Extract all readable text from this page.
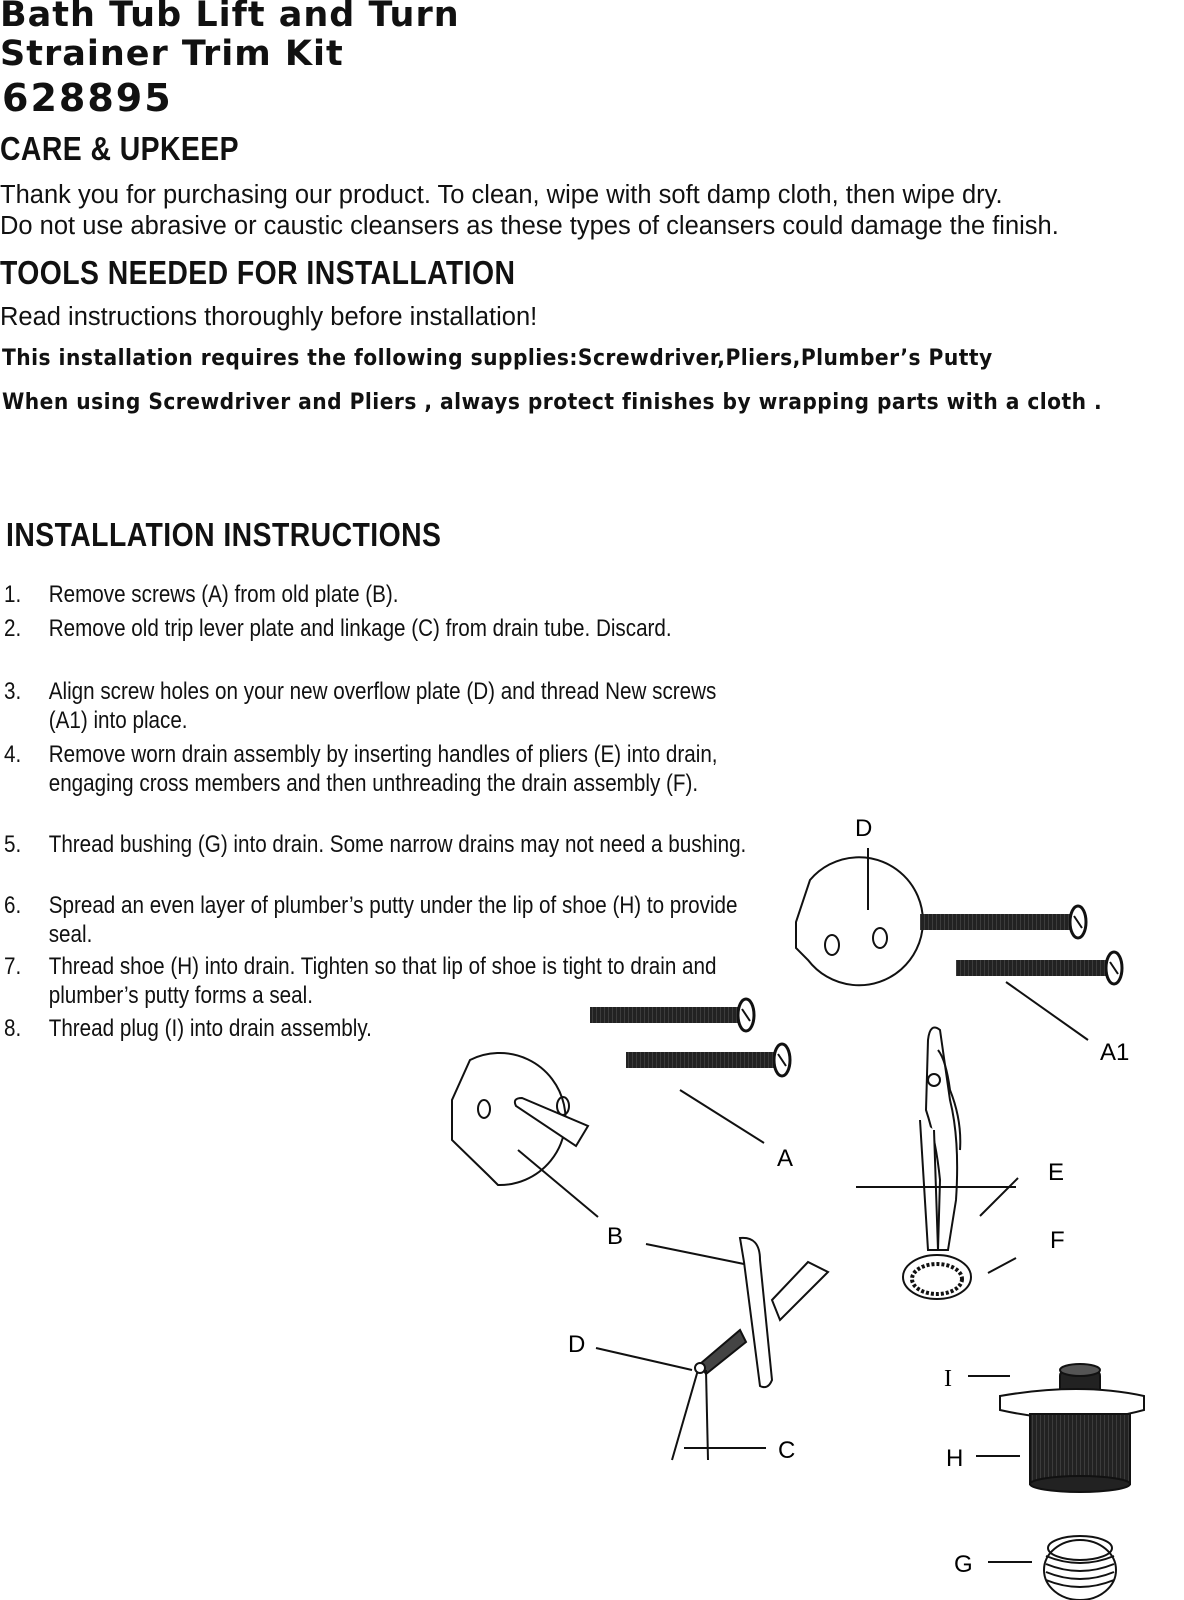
Bath Tub Lift and Turn
Strainer Trim Kit
628895
CARE & UPKEEP
Thank you for purchasing our product. To clean, wipe with soft damp cloth, then wipe dry.
Do not use abrasive or caustic cleansers as these types of cleansers could damage the finish.
TOOLS NEEDED FOR INSTALLATION
Read instructions thoroughly before installation!
This installation requires the following supplies:Screwdriver,Pliers,Plumber’s Putty
When using Screwdriver and Pliers , always protect finishes by wrapping parts with a cloth .
INSTALLATION INSTRUCTIONS
1. Remove screws (A) from old plate (B).
2. Remove old trip lever plate and linkage (C) from drain tube. Discard.
3. Align screw holes on your new overflow plate (D) and thread New screws (A1) into place.
4. Remove worn drain assembly by inserting handles of pliers (E) into drain, engaging cross members and then unthreading the drain assembly (F).
5. Thread bushing (G) into drain. Some narrow drains may not need a bushing.
6. Spread an even layer of plumber’s putty under the lip of shoe (H) to provide seal.
7. Thread shoe (H) into drain. Tighten so that lip of shoe is tight to drain and plumber’s putty forms a seal.
8. Thread plug (I) into drain assembly.
D
A1
A
E
B	F
D
C
I
H
G
